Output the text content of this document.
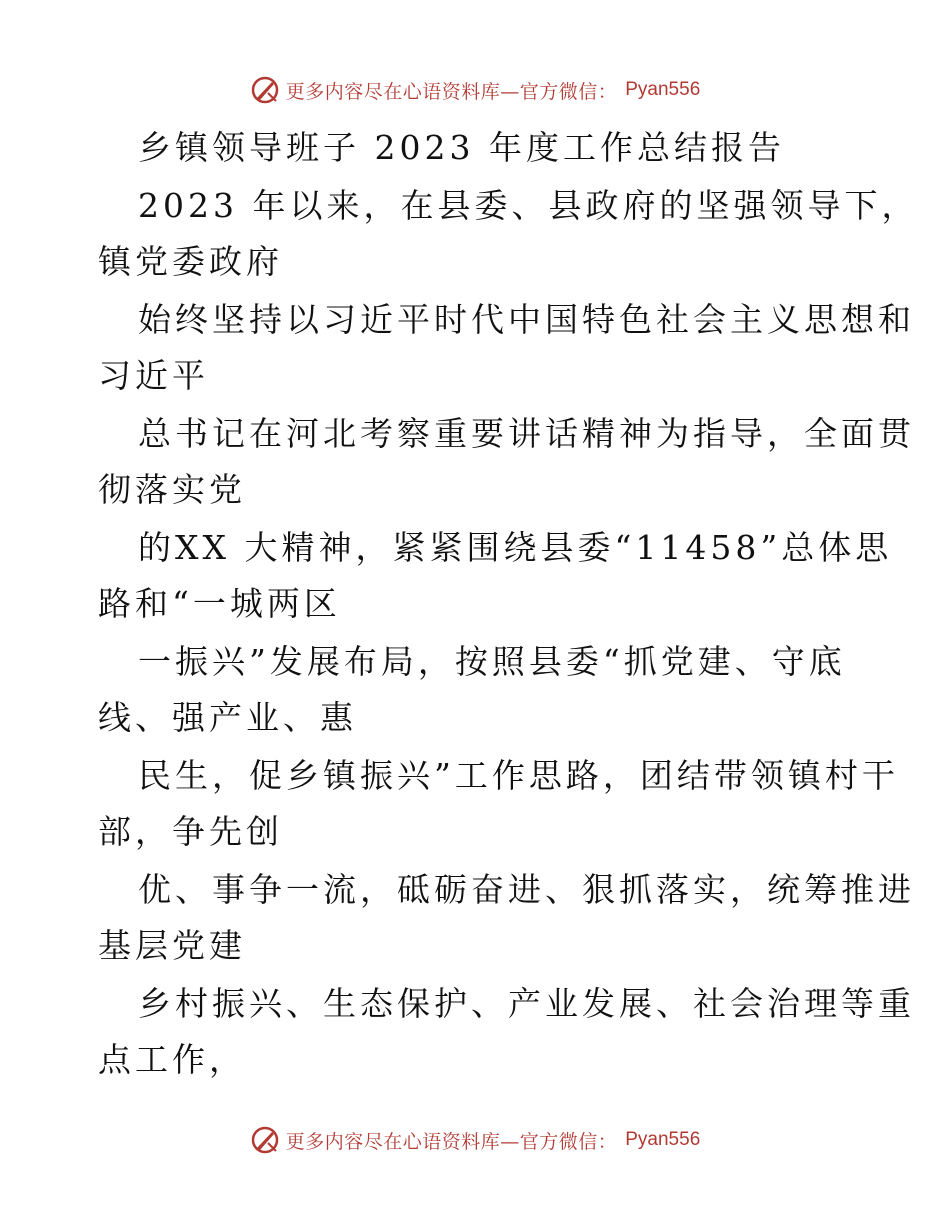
更多内容尽在心语资料库—官方微信： Pyan556
乡镇领导班子 2023 年度工作总结报告
2023 年以来，在县委、县政府的坚强领导下，
镇党委政府
始终坚持以习近平时代中国特色社会主义思想和
习近平
总书记在河北考察重要讲话精神为指导，全面贯
彻落实党
的XX 大精神，紧紧围绕县委“11458”总体思
路和“一城两区
一振兴”发展布局，按照县委“抓党建、守底
线、强产业、惠
民生，促乡镇振兴”工作思路，团结带领镇村干
部，争先创
优、事争一流，砥砺奋进、狠抓落实，统筹推进
基层党建
乡村振兴、生态保护、产业发展、社会治理等重
点工作，
更多内容尽在心语资料库—官方微信： Pyan556
